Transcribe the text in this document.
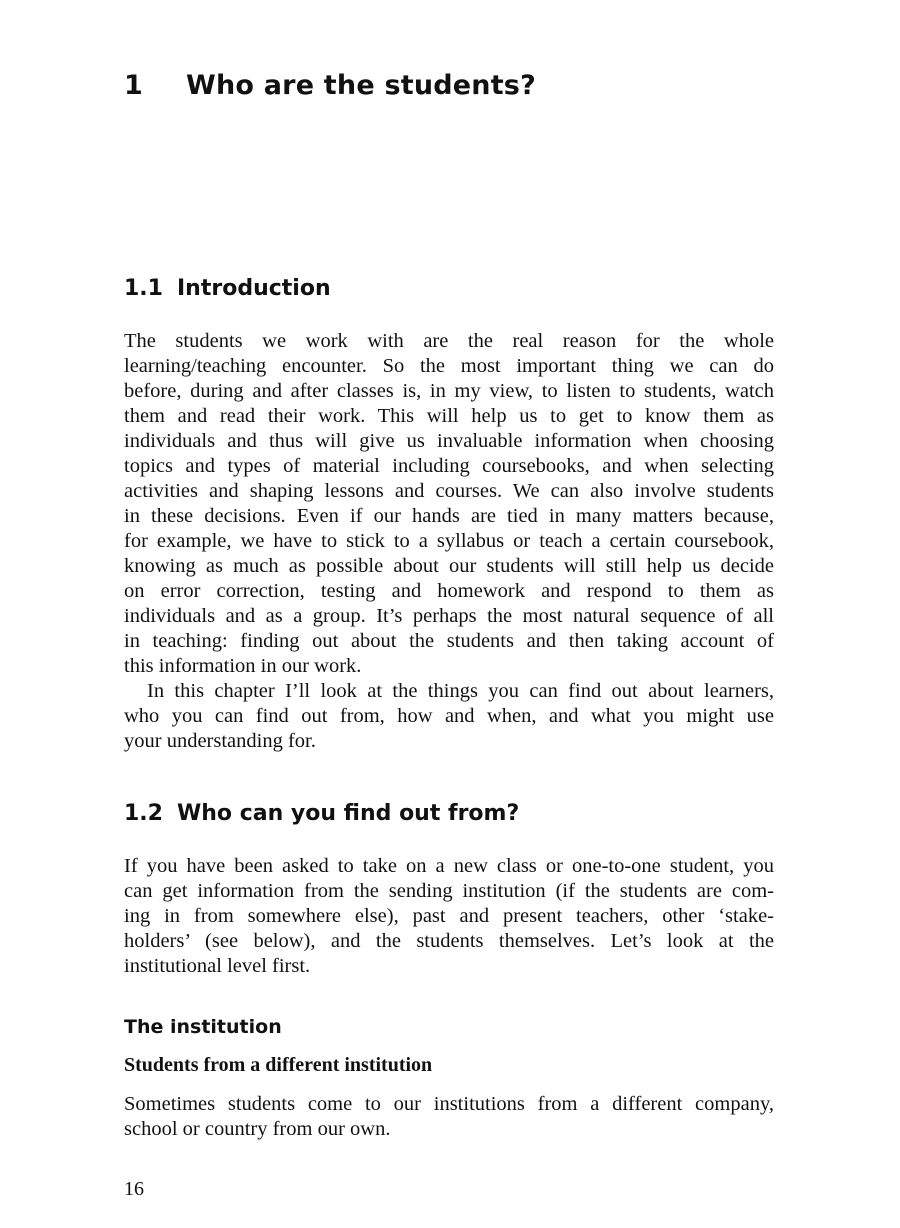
1 Who are the students?
1.1 Introduction
The students we work with are the real reason for the whole
learning/teaching encounter. So the most important thing we can do
before, during and after classes is, in my view, to listen to students, watch
them and read their work. This will help us to get to know them as
individuals and thus will give us invaluable information when choosing
topics and types of material including coursebooks, and when selecting
activities and shaping lessons and courses. We can also involve students
in these decisions. Even if our hands are tied in many matters because,
for example, we have to stick to a syllabus or teach a certain coursebook,
knowing as much as possible about our students will still help us decide
on error correction, testing and homework and respond to them as
individuals and as a group. It’s perhaps the most natural sequence of all
in teaching: finding out about the students and then taking account of
this information in our work.
In this chapter I’ll look at the things you can find out about learners,
who you can find out from, how and when, and what you might use
your understanding for.
1.2 Who can you find out from?
If you have been asked to take on a new class or one-to-one student, you
can get information from the sending institution (if the students are com-
ing in from somewhere else), past and present teachers, other ‘stake-
holders’ (see below), and the students themselves. Let’s look at the
institutional level first.
The institution
Students from a different institution
Sometimes students come to our institutions from a different company,
school or country from our own.
16
